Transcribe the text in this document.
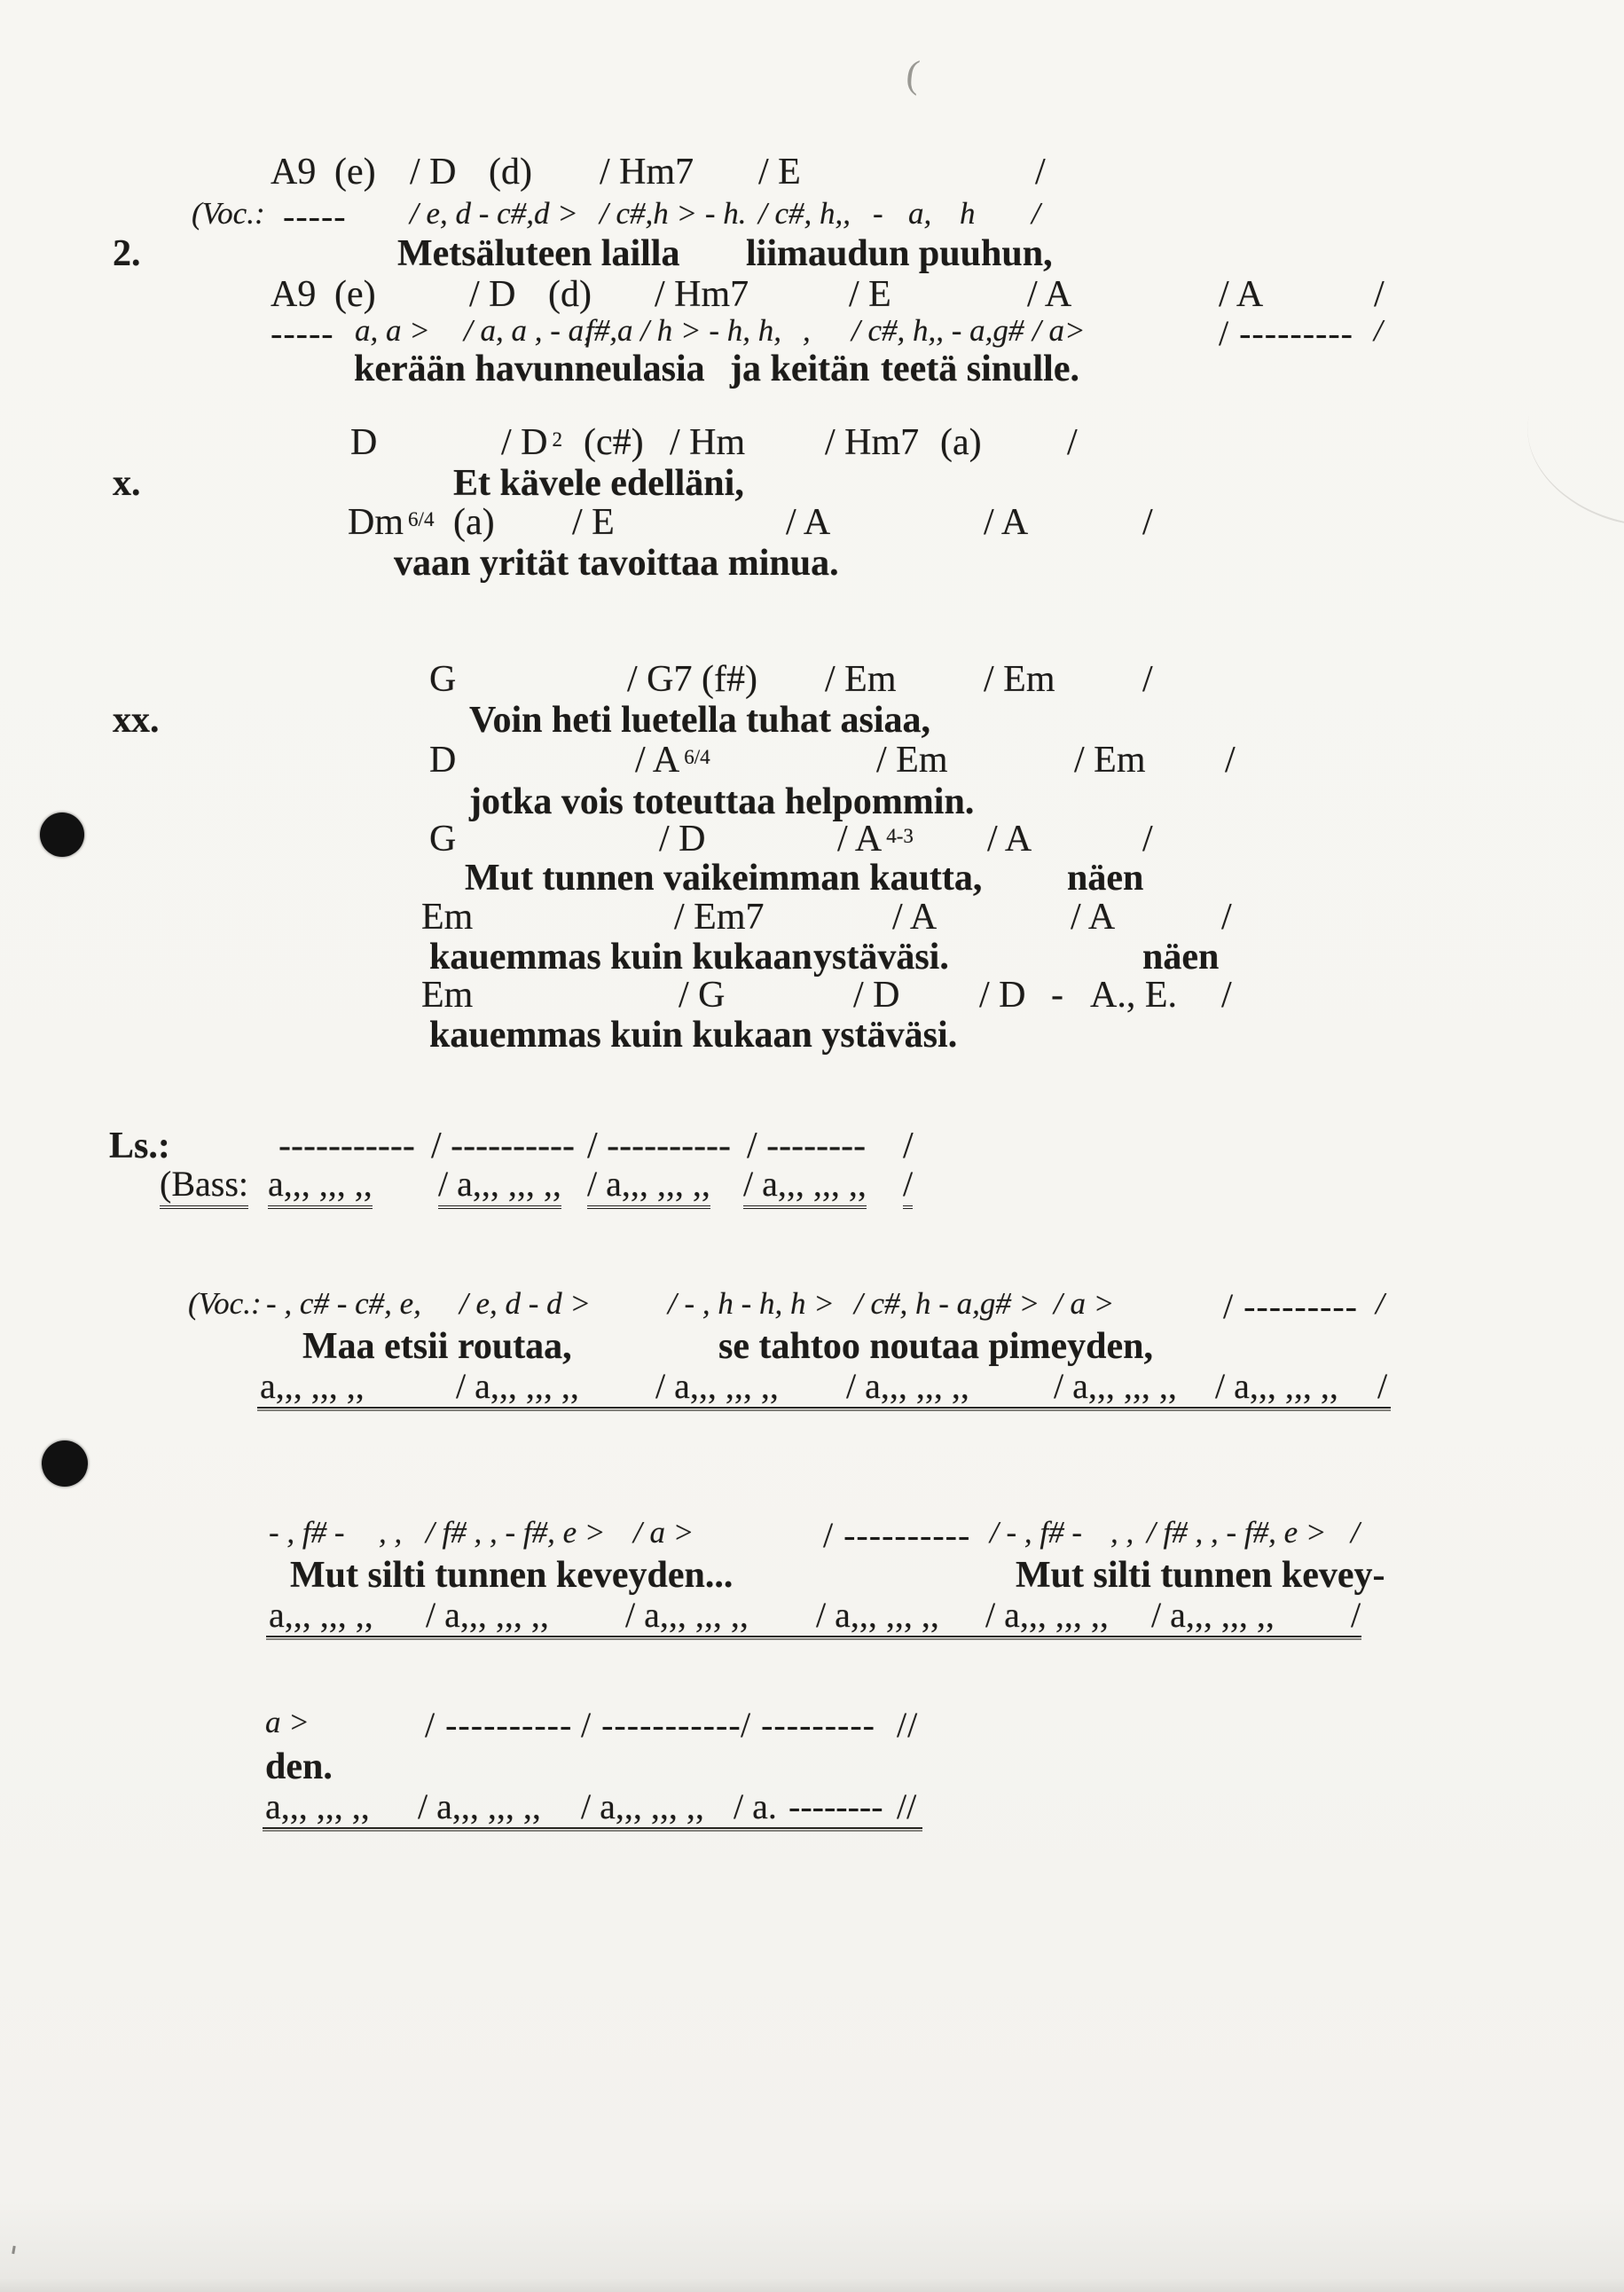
(
A9 (e) / D (d) / Hm7 / E	/
(Voc.: ----- / e, d - c#,d > / c#,h > - h. / c#, h,, - a, h /
2.	Metsäluteen lailla liimaudun puuhun,
A9 (e)	/ D (d) / Hm7	/ E	/ A	/ A	/
----- a, a > / a, a , - a,
f#,a / h > - h, h, , / c#, h,, - a,g# / a>	/ --------- /
kerään havunneulasia ja keitän teetä sinulle.
D	/ D $^2$ (c#) / Hm / Hm7 (a) /
x.	Et kävele edelläni,
Dm $^{6/4}$ (a) / E	/ A	/ A	/
vaan yrität tavoittaa minua.
G	/ G7 (f#) / Em / Em /
xx.	Voin heti luetella tuhat asiaa,
D	/ A $^{6/4}$	/ Em	/ Em /
jotka vois toteuttaa helpommin.
G	/ D	/ A $^{4-3}$ / A	/
Mut tunnen vaikeimman kautta, näen
Em	/ Em7	/ A	/ A	/
kauemmas kuin kukaan ystäväsi.	näen
Em	/ G	/ D / D - A., E. /
kauemmas kuin kukaan ystäväsi.
Ls.:	----------- / ---------- / ---------- / -------- /
(Bass: a,,, ,,, ,, / a,,, ,,, ,, / a,,, ,,, ,, / a,,, ,,, ,, /
(Voc.: - , c# - c#, e, / e, d - d > / - , h - h, h > / c#, h - a,g# > / a >	/ --------- /
Maa etsii routaa,	se tahtoo noutaa pimeyden,
a,,, ,,, ,,	/ a,,, ,,, ,, / a,,, ,,, ,, / a,,, ,,, ,, / a,,, ,,, ,, / a,,, ,,, ,, /
- , f# - , , / f# , , - f#, e > / a >	/ ---------- / - , f# - , , / f# , , - f#, e > /
Mut silti tunnen keveyden...	Mut silti tunnen kevey-
a,,, ,,, ,, / a,,, ,,, ,, / a,,, ,,, ,, / a,,, ,,, ,, / a,,, ,,, ,, / a,,, ,,, ,, /
a >	/ ---------- / ----------- / --------- //
den.
a,,, ,,, ,, / a,,, ,,, ,, / a,,, ,,, ,, / a. -------- //
